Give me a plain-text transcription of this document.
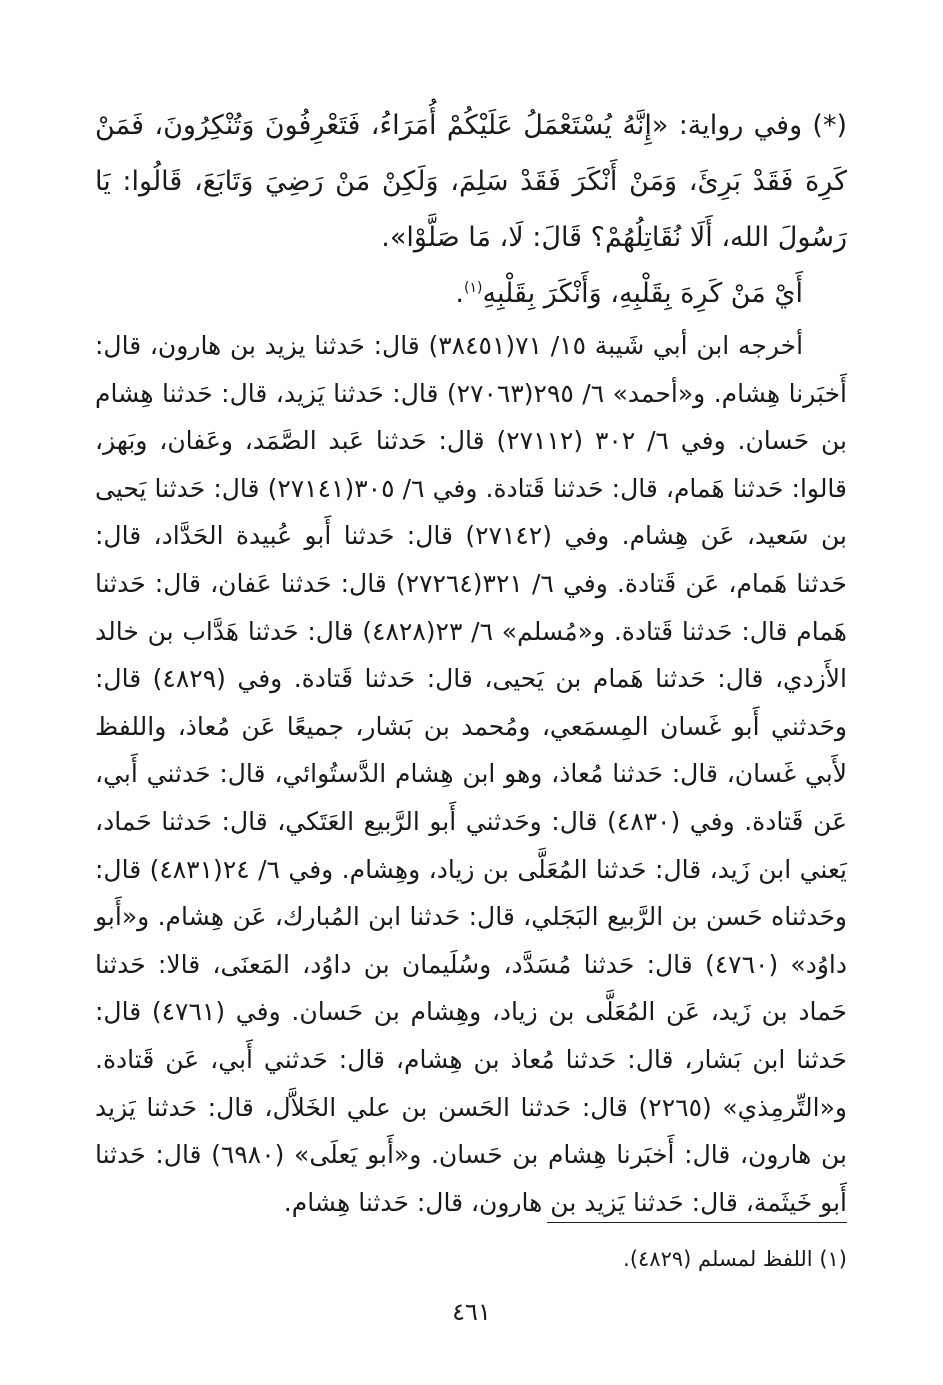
(*) وفي رواية: «إِنَّهُ يُسْتَعْمَلُ عَلَيْكُمْ أُمَرَاءُ، فَتَعْرِفُونَ وَتُنْكِرُونَ، فَمَنْ كَرِهَ فَقَدْ بَرِئَ، وَمَنْ أَنْكَرَ فَقَدْ سَلِمَ، وَلَكِنْ مَنْ رَضِيَ وَتَابَعَ، قَالُوا: يَا رَسُولَ الله، أَلَا نُقَاتِلُهُمْ؟ قَالَ: لَا، مَا صَلَّوْا».

أَيْ مَنْ كَرِهَ بِقَلْبِهِ، وَأَنْكَرَ بِقَلْبِهِ$^{(١)}$.

أخرجه ابن أبي شَيبة ١٥/ ٧١(٣٨٤٥١) قال: حَدثنا يزيد بن هارون، قال: أَخبَرنا هِشام. و«أحمد» ٦/ ٢٩٥(٢٧٠٦٣) قال: حَدثنا يَزيد، قال: حَدثنا هِشام بن حَسان. وفي ٦/ ٣٠٢ (٢٧١١٢) قال: حَدثنا عَبد الصَّمَد، وعَفان، وبَهز، قالوا: حَدثنا هَمام، قال: حَدثنا قَتادة. وفي ٦/ ٣٠٥(٢٧١٤١) قال: حَدثنا يَحيى بن سَعيد، عَن هِشام. وفي (٢٧١٤٢) قال: حَدثنا أَبو عُبيدة الحَدَّاد، قال: حَدثنا هَمام، عَن قَتادة. وفي ٦/ ٣٢١(٢٧٢٦٤) قال: حَدثنا عَفان، قال: حَدثنا هَمام قال: حَدثنا قَتادة. و«مُسلم» ٦/ ٢٣(٤٨٢٨) قال: حَدثنا هَدَّاب بن خالد الأَزدي، قال: حَدثنا هَمام بن يَحيى، قال: حَدثنا قَتادة. وفي (٤٨٢٩) قال: وحَدثني أَبو غَسان المِسمَعي، ومُحمد بن بَشار، جميعًا عَن مُعاذ، واللفظ لأَبي غَسان، قال: حَدثنا مُعاذ، وهو ابن هِشام الدَّستُوائي، قال: حَدثني أَبي، عَن قَتادة. وفي (٤٨٣٠) قال: وحَدثني أَبو الرَّبيع العَتَكي، قال: حَدثنا حَماد، يَعني ابن زَيد، قال: حَدثنا المُعَلَّى بن زياد، وهِشام. وفي ٦/ ٢٤(٤٨٣١) قال: وحَدثناه حَسن بن الرَّبيع البَجَلي، قال: حَدثنا ابن المُبارك، عَن هِشام. و«أَبو داوُد» (٤٧٦٠) قال: حَدثنا مُسَدَّد، وسُلَيمان بن داوُد، المَعنَى، قالا: حَدثنا حَماد بن زَيد، عَن المُعَلَّى بن زياد، وهِشام بن حَسان. وفي (٤٧٦١) قال: حَدثنا ابن بَشار، قال: حَدثنا مُعاذ بن هِشام، قال: حَدثني أَبي، عَن قَتادة. و«التِّرمِذي» (٢٢٦٥) قال: حَدثنا الحَسن بن علي الخَلاَّل، قال: حَدثنا يَزيد بن هارون، قال: أَخبَرنا هِشام بن حَسان. و«أَبو يَعلَى» (٦٩٨٠) قال: حَدثنا أَبو خَيثَمة، قال: حَدثنا يَزيد بن هارون، قال: حَدثنا هِشام.

(١) اللفظ لمسلم (٤٨٢٩).

٤٦١
